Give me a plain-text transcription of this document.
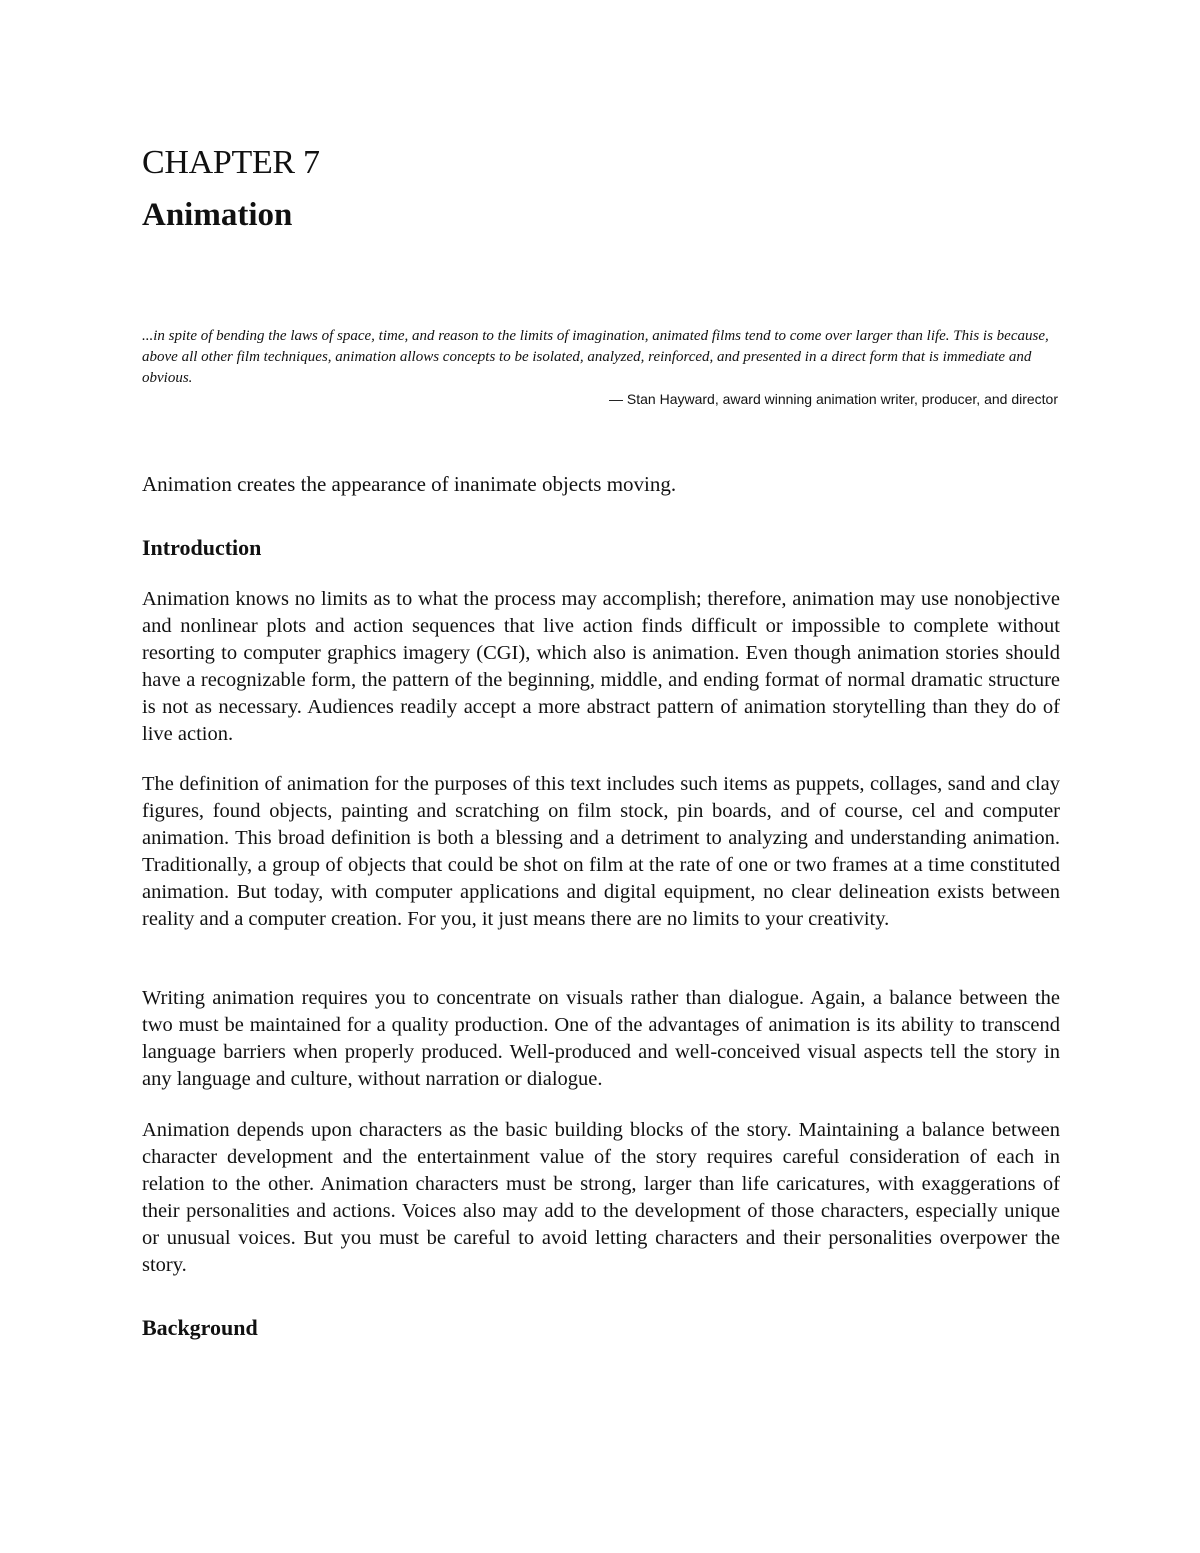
CHAPTER 7
Animation

...in spite of bending the laws of space, time, and reason to the limits of imagination, animated films tend to come over larger than life. This is because, above all other film techniques, animation allows concepts to be isolated, analyzed, reinforced, and presented in a direct form that is immediate and obvious.

— Stan Hayward, award winning animation writer, producer, and director

Animation creates the appearance of inanimate objects moving.

Introduction

Animation knows no limits as to what the process may accomplish; therefore, animation may use nonobjective and nonlinear plots and action sequences that live action finds difficult or impossible to complete without resorting to computer graphics imagery (CGI), which also is animation. Even though animation stories should have a recognizable form, the pattern of the beginning, middle, and ending format of normal dramatic structure is not as necessary. Audiences readily accept a more abstract pattern of animation storytelling than they do of live action.

The definition of animation for the purposes of this text includes such items as puppets, collages, sand and clay figures, found objects, painting and scratching on film stock, pin boards, and of course, cel and computer animation. This broad definition is both a blessing and a detriment to analyzing and understanding animation. Traditionally, a group of objects that could be shot on film at the rate of one or two frames at a time constituted animation. But today, with computer applications and digital equipment, no clear delineation exists between reality and a computer creation. For you, it just means there are no limits to your creativity.

Writing animation requires you to concentrate on visuals rather than dialogue. Again, a balance between the two must be maintained for a quality production. One of the advantages of animation is its ability to transcend language barriers when properly produced. Well-produced and well-conceived visual aspects tell the story in any language and culture, without narration or dialogue.

Animation depends upon characters as the basic building blocks of the story. Maintaining a balance between character development and the entertainment value of the story requires careful consideration of each in relation to the other. Animation characters must be strong, larger than life caricatures, with exaggerations of their personalities and actions. Voices also may add to the development of those characters, especially unique or unusual voices. But you must be careful to avoid letting characters and their personalities overpower the story.

Background
